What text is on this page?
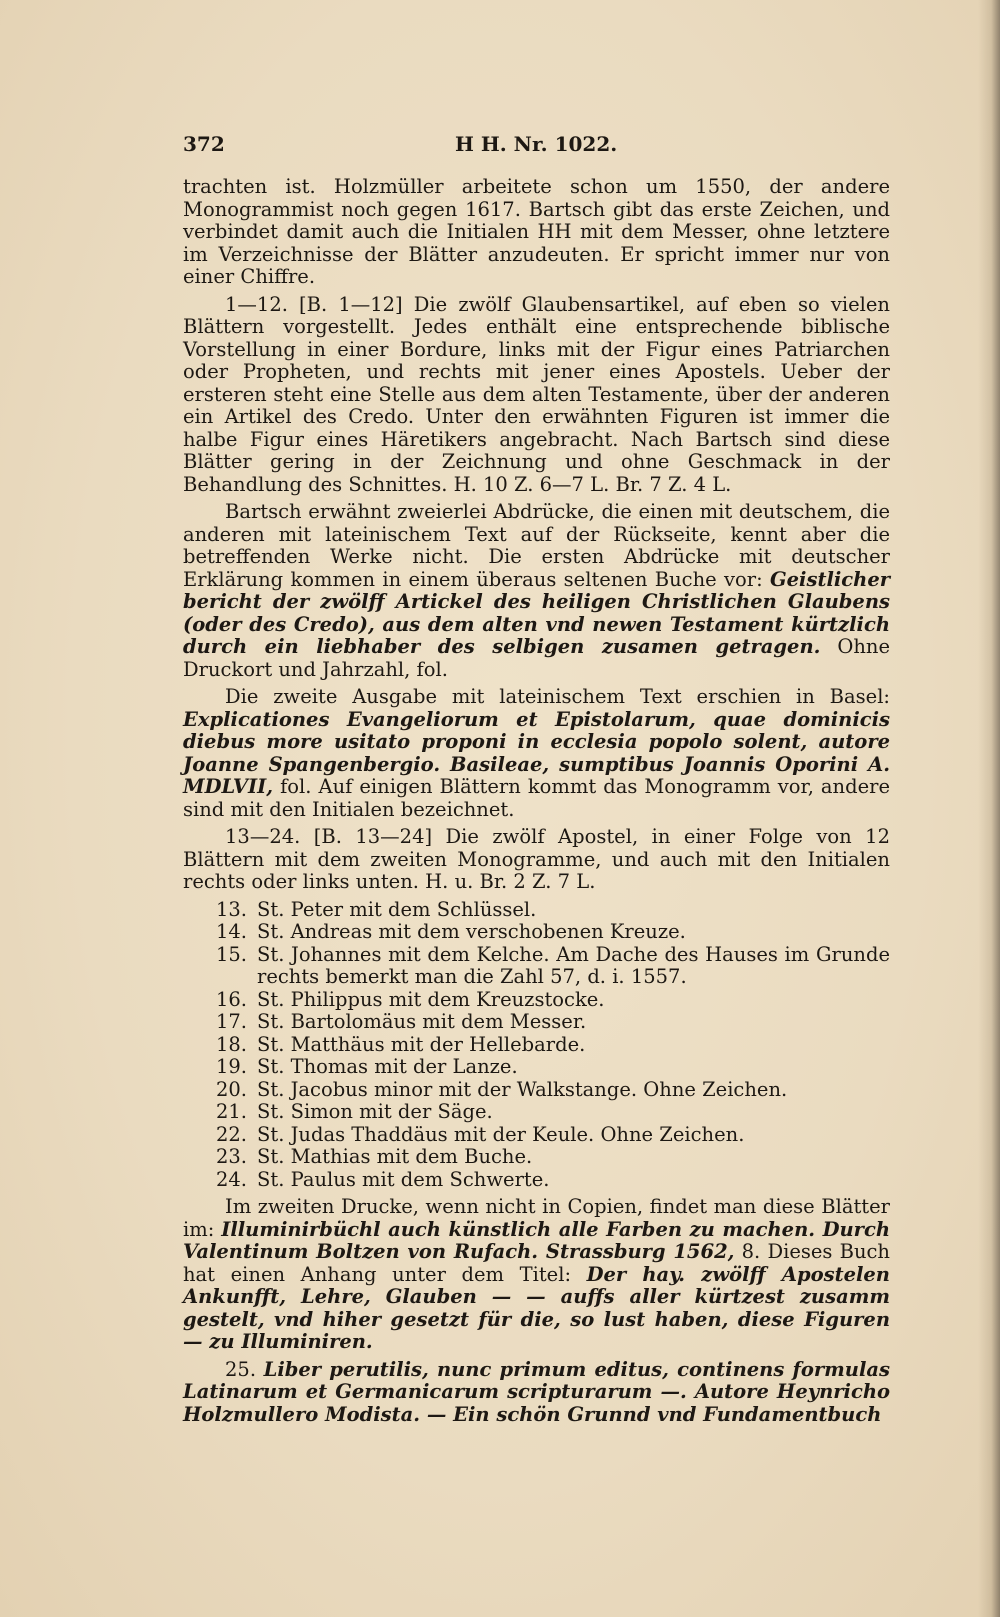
372	H H. Nr. 1022.

trachten ist. Holzmüller arbeitete schon um 1550, der andere Monogrammist noch gegen 1617. Bartsch gibt das erste Zeichen, und verbindet damit auch die Initialen HH mit dem Messer, ohne letztere im Verzeichnisse der Blätter anzudeuten. Er spricht immer nur von einer Chiffre.

1—12. [B. 1—12] Die zwölf Glaubensartikel, auf eben so vielen Blättern vorgestellt. Jedes enthält eine entsprechende biblische Vorstellung in einer Bordure, links mit der Figur eines Patriarchen oder Propheten, und rechts mit jener eines Apostels. Ueber der ersteren steht eine Stelle aus dem alten Testamente, über der anderen ein Artikel des Credo. Unter den erwähnten Figuren ist immer die halbe Figur eines Häretikers angebracht. Nach Bartsch sind diese Blätter gering in der Zeichnung und ohne Geschmack in der Behandlung des Schnittes. H. 10 Z. 6—7 L. Br. 7 Z. 4 L.

Bartsch erwähnt zweierlei Abdrücke, die einen mit deutschem, die anderen mit lateinischem Text auf der Rückseite, kennt aber die betreffenden Werke nicht. Die ersten Abdrücke mit deutscher Erklärung kommen in einem überaus seltenen Buche vor: Geistlicher bericht der zwölff Artickel des heiligen Christlichen Glaubens (oder des Credo), aus dem alten vnd newen Testament kürtzlich durch ein liebhaber des selbigen zusamen getragen. Ohne Druckort und Jahrzahl, fol.

Die zweite Ausgabe mit lateinischem Text erschien in Basel: Explicationes Evangeliorum et Epistolarum, quae dominicis diebus more usitato proponi in ecclesia popolo solent, autore Joanne Spangenbergio. Basileae, sumptibus Joannis Oporini A. MDLVII, fol. Auf einigen Blättern kommt das Monogramm vor, andere sind mit den Initialen bezeichnet.

13—24. [B. 13—24] Die zwölf Apostel, in einer Folge von 12 Blättern mit dem zweiten Monogramme, und auch mit den Initialen rechts oder links unten. H. u. Br. 2 Z. 7 L.

13. St. Peter mit dem Schlüssel.
14. St. Andreas mit dem verschobenen Kreuze.
15. St. Johannes mit dem Kelche. Am Dache des Hauses im Grunde rechts bemerkt man die Zahl 57, d. i. 1557.
16. St. Philippus mit dem Kreuzstocke.
17. St. Bartolomäus mit dem Messer.
18. St. Matthäus mit der Hellebarde.
19. St. Thomas mit der Lanze.
20. St. Jacobus minor mit der Walkstange. Ohne Zeichen.
21. St. Simon mit der Säge.
22. St. Judas Thaddäus mit der Keule. Ohne Zeichen.
23. St. Mathias mit dem Buche.
24. St. Paulus mit dem Schwerte.

Im zweiten Drucke, wenn nicht in Copien, findet man diese Blätter im: Illuminirbüchl auch künstlich alle Farben zu machen. Durch Valentinum Boltzen von Rufach. Strassburg 1562, 8. Dieses Buch hat einen Anhang unter dem Titel: Der hay. zwölff Apostelen Ankunfft, Lehre, Glauben — — auffs aller kürtzest zusamm gestelt, vnd hiher gesetzt für die, so lust haben, diese Figuren — zu Illuminiren.

25. Liber perutilis, nunc primum editus, continens formulas Latinarum et Germanicarum scripturarum —. Autore Heynricho Holzmullero Modista. — Ein schön Grunnd vnd Fundamentbuch
